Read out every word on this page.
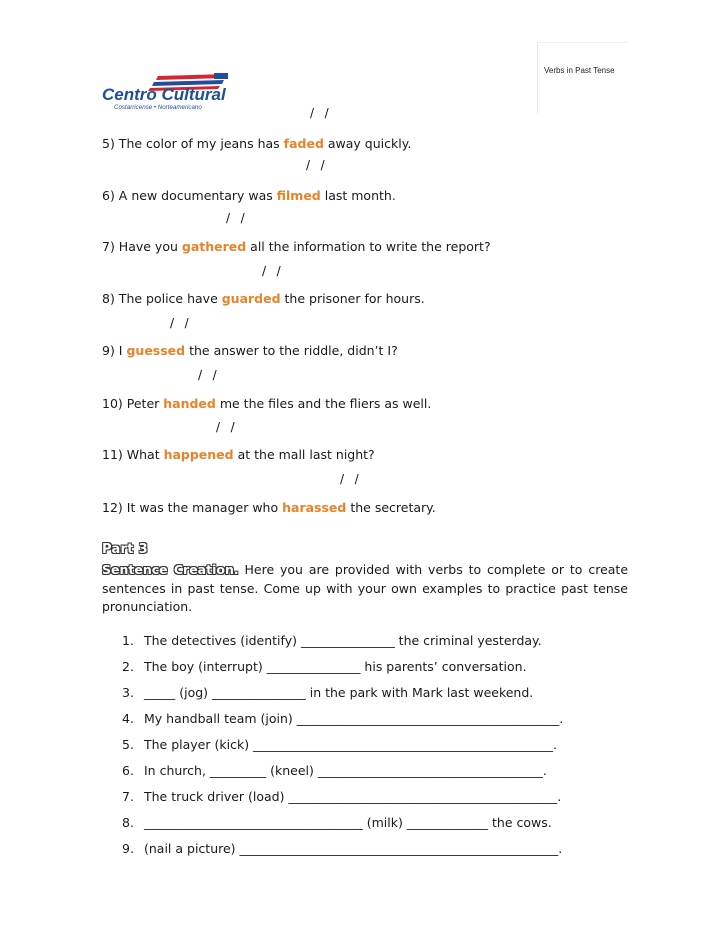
Verbs in Past Tense
Centro Cultural
Costarricense • Norteamericano	/  /
5) The color of my jeans has faded away quickly.
/  /
6) A new documentary was filmed last month.
/  /
7) Have you gathered all the information to write the report?
/  /
8) The police have guarded the prisoner for hours.
/  /
9) I guessed the answer to the riddle, didn’t I?
/  /
10) Peter handed me the files and the fliers as well.
/  /
11) What happened at the mall last night?
/  /
12) It was the manager who harassed the secretary.
Part 3
Sentence Creation. Here you are provided with verbs to complete or to create sentences in past tense. Come up with your own examples to practice past tense pronunciation.
1. The detectives (identify) _______________ the criminal yesterday.
2. The boy (interrupt) _______________ his parents’ conversation.
3. _____ (jog) _______________ in the park with Mark last weekend.
4. My handball team (join) __________________________________________.
5. The player (kick) ________________________________________________.
6. In church, _________ (kneel) ____________________________________.
7. The truck driver (load) ___________________________________________.
8. ___________________________________ (milk) _____________ the cows.
9. (nail a picture) ___________________________________________________.
